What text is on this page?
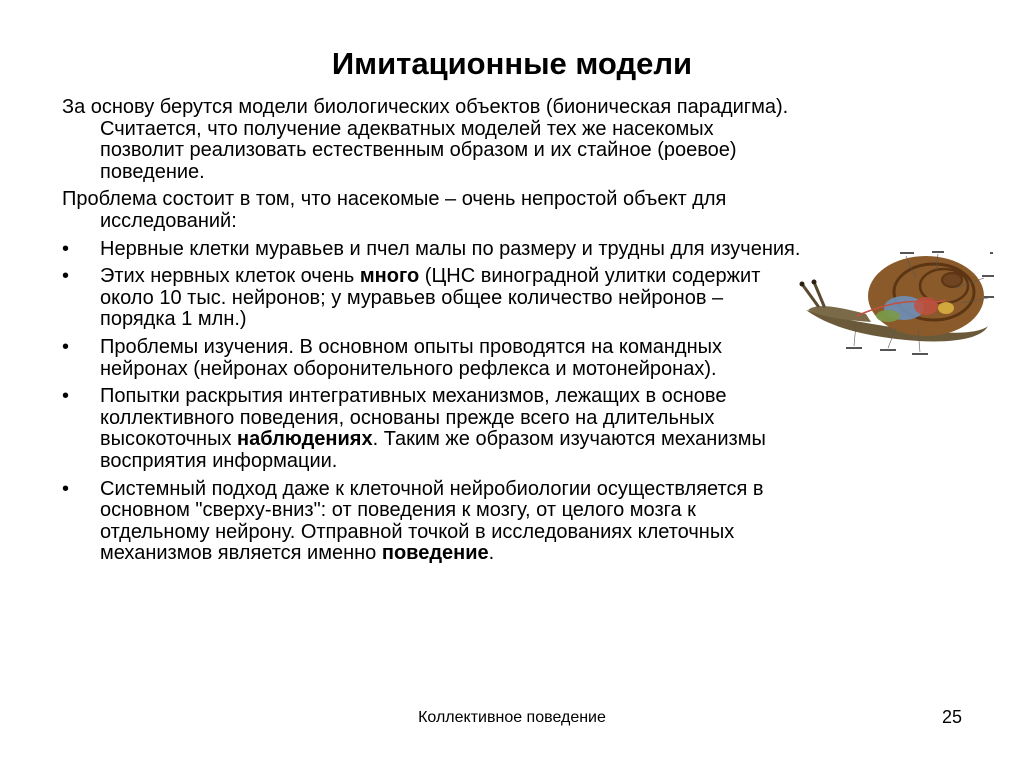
Имитационные модели

За основу берутся модели биологических объектов (бионическая парадигма). Считается, что получение адекватных моделей тех же насекомых позволит реализовать естественным образом и их стайное (роевое) поведение.

Проблема состоит в том, что насекомые – очень непростой объект для исследований:

•	Нервные клетки муравьев и пчел малы по размеру и трудны для изучения.
•	Этих нервных клеток очень много (ЦНС виноградной улитки содержит около 10 тыс. нейронов; у муравьев общее количество нейронов – порядка 1 млн.)
•	Проблемы изучения. В основном опыты проводятся на командных нейронах (нейронах оборонительного рефлекса и мотонейронах).
•	Попытки раскрытия интегративных механизмов, лежащих в основе коллективного поведения, основаны прежде всего на длительных высокоточных наблюдениях. Таким же образом изучаются механизмы восприятия информации.
•	Системный подход даже к клеточной нейробиологии осуществляется в основном "сверху-вниз": от поведения к мозгу, от целого мозга к отдельному нейрону. Отправной точкой в исследованиях клеточных механизмов является именно поведение.
Коллективное поведение	25
